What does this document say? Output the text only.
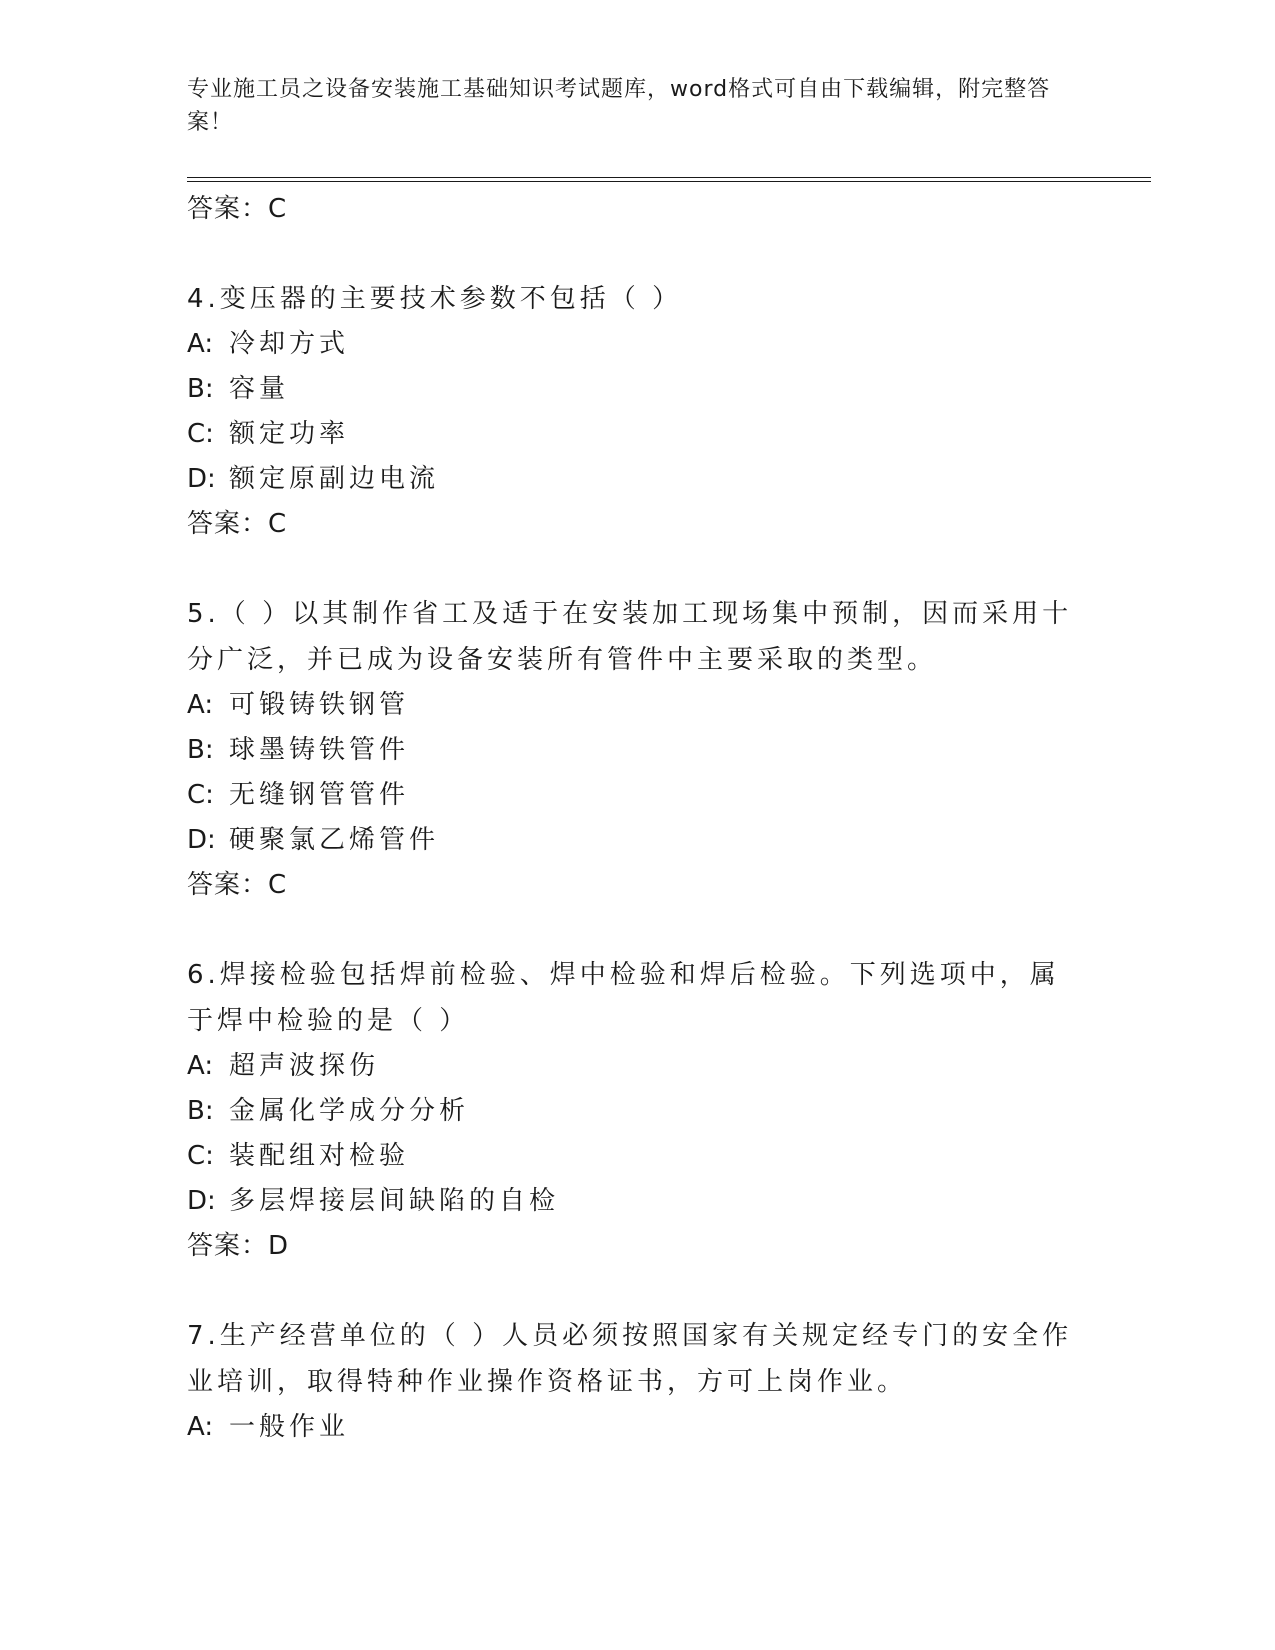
专业施工员之设备安装施工基础知识考试题库，word格式可自由下载编辑，附完整答案！
答案：C
4.变压器的主要技术参数不包括（ ）
A: 冷却方式
B: 容量
C: 额定功率
D: 额定原副边电流
答案：C
5.（ ）以其制作省工及适于在安装加工现场集中预制，因而采用十分广泛，并已成为设备安装所有管件中主要采取的类型。
A: 可锻铸铁钢管
B: 球墨铸铁管件
C: 无缝钢管管件
D: 硬聚氯乙烯管件
答案：C
6.焊接检验包括焊前检验、焊中检验和焊后检验。下列选项中，属于焊中检验的是（ ）
A: 超声波探伤
B: 金属化学成分分析
C: 装配组对检验
D: 多层焊接层间缺陷的自检
答案：D
7.生产经营单位的（ ）人员必须按照国家有关规定经专门的安全作业培训，取得特种作业操作资格证书，方可上岗作业。
A: 一般作业
